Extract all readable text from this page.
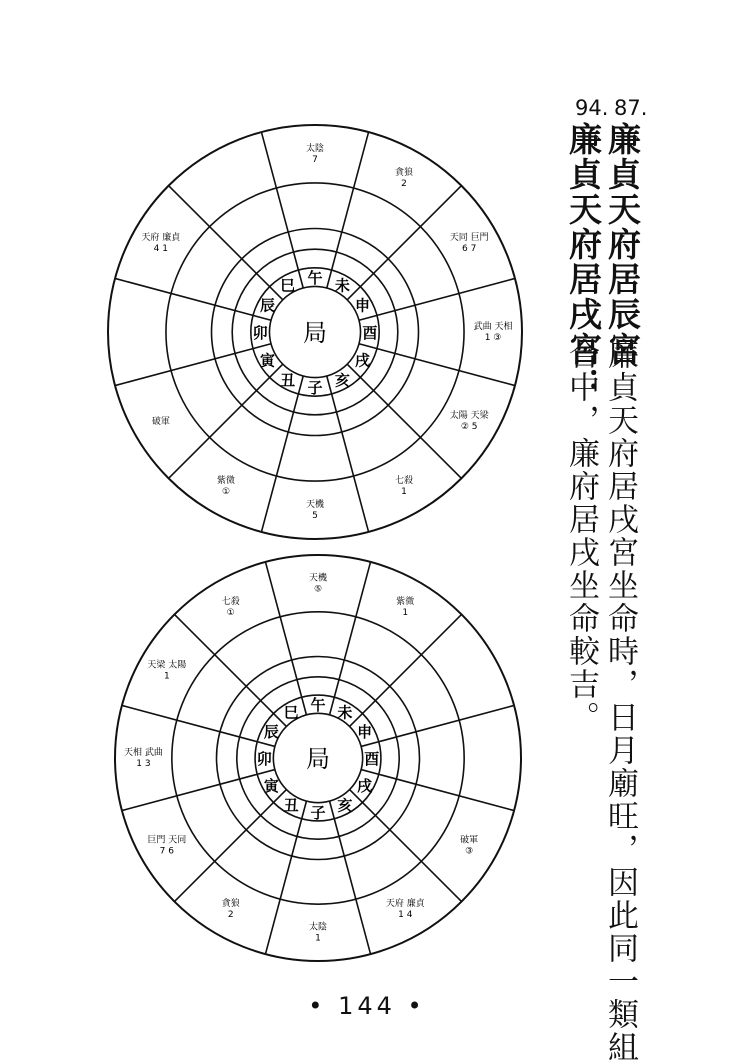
局
子
丑
寅
卯
辰
巳 午 未
申
酉
戌
亥
太陰 7
貪狼 2
天同 巨門 6 7
武曲 天相 1 ③
太陽 天梁 ② 5
七殺 1
天機 5
紫微 ①
破軍
天府 廉貞 4 1
局
子
丑
寅
卯
辰
巳 午 未
申
酉
戌
亥
天機 ⑤
紫微 1
破軍 ③
天府 廉貞 1 4
太陰 1
貪狼 2
巨門 天同 7 6
天相 武曲 1 3
天梁 太陽 1
七殺 ①
87.
廉貞天府居辰宮
94.
廉貞天府居戌宮：
廉貞天府居戌宮坐命時，日月廟旺，因此同一類組
合中，廉府居戌坐命較吉。
• 144 •
